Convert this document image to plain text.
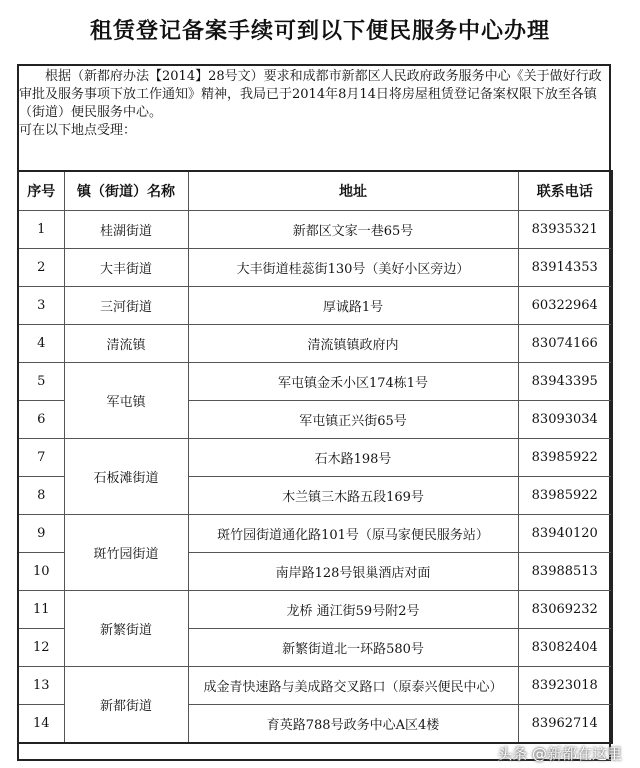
租赁登记备案手续可到以下便民服务中心办理

根据（新都府办法【2014】28号文）要求和成都市新都区人民政府政务服务中心《关于做好行政审批及服务事项下放工作通知》精神，我局已于2014年8月14日将房屋租赁登记备案权限下放至各镇（街道）便民服务中心。

可在以下地点受理：

序号	镇（街道）名称	地址	联系电话
1	桂湖街道	新都区文家一巷65号	83935321
2	大丰街道	大丰街道桂蕊街130号（美好小区旁边）	83914353
3	三河街道	厚诚路1号	60322964
4	清流镇	清流镇镇政府内	83074166
5	军屯镇	军屯镇金禾小区174栋1号	83943395
6		军屯镇正兴街65号	83093034
7	石板滩街道	石木路198号	83985922
8		木兰镇三木路五段169号	83985922
9	斑竹园街道	斑竹园街道通化路101号（原马家便民服务站）	83940120
10		南岸路128号银巢酒店对面	83988513
11	新繁街道	龙桥 通江街59号附2号	83069232
12		新繁街道北一环路580号	83082404
13	新都街道	成金青快速路与美成路交叉路口（原泰兴便民中心）	83923018
14		育英路788号政务中心A区4楼	83962714
头条 @新都在这里
